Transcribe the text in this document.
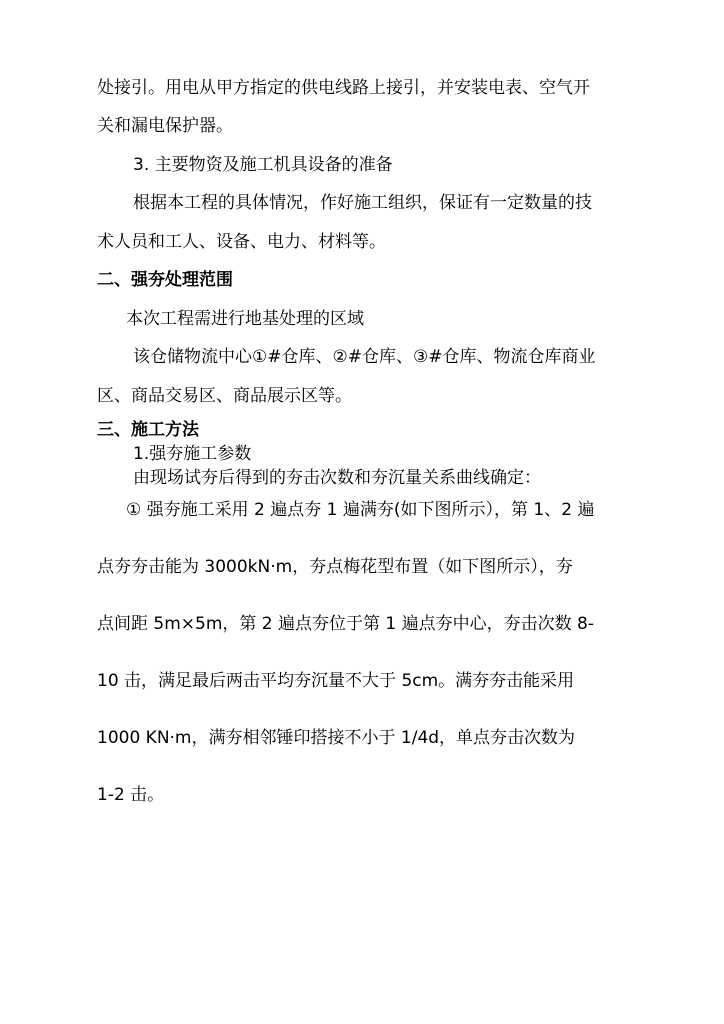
处接引。用电从甲方指定的供电线路上接引，并安装电表、空气开
关和漏电保护器。
3. 主要物资及施工机具设备的准备
根据本工程的具体情况，作好施工组织，保证有一定数量的技
术人员和工人、设备、电力、材料等。
二、强夯处理范围
本次工程需进行地基处理的区域
该仓储物流中心①#仓库、②#仓库、③#仓库、物流仓库商业
区、商品交易区、商品展示区等。
三、施工方法
1.强夯施工参数
由现场试夯后得到的夯击次数和夯沉量关系曲线确定：
① 强夯施工采用 2 遍点夯 1 遍满夯(如下图所示），第 1、2 遍
点夯夯击能为 3000kN·m，夯点梅花型布置（如下图所示），夯
点间距 5m×5m，第 2 遍点夯位于第 1 遍点夯中心，夯击次数 8-
10 击，满足最后两击平均夯沉量不大于 5cm。满夯夯击能采用
1000 KN·m，满夯相邻锤印搭接不小于 1/4d，单点夯击次数为
1-2 击。
